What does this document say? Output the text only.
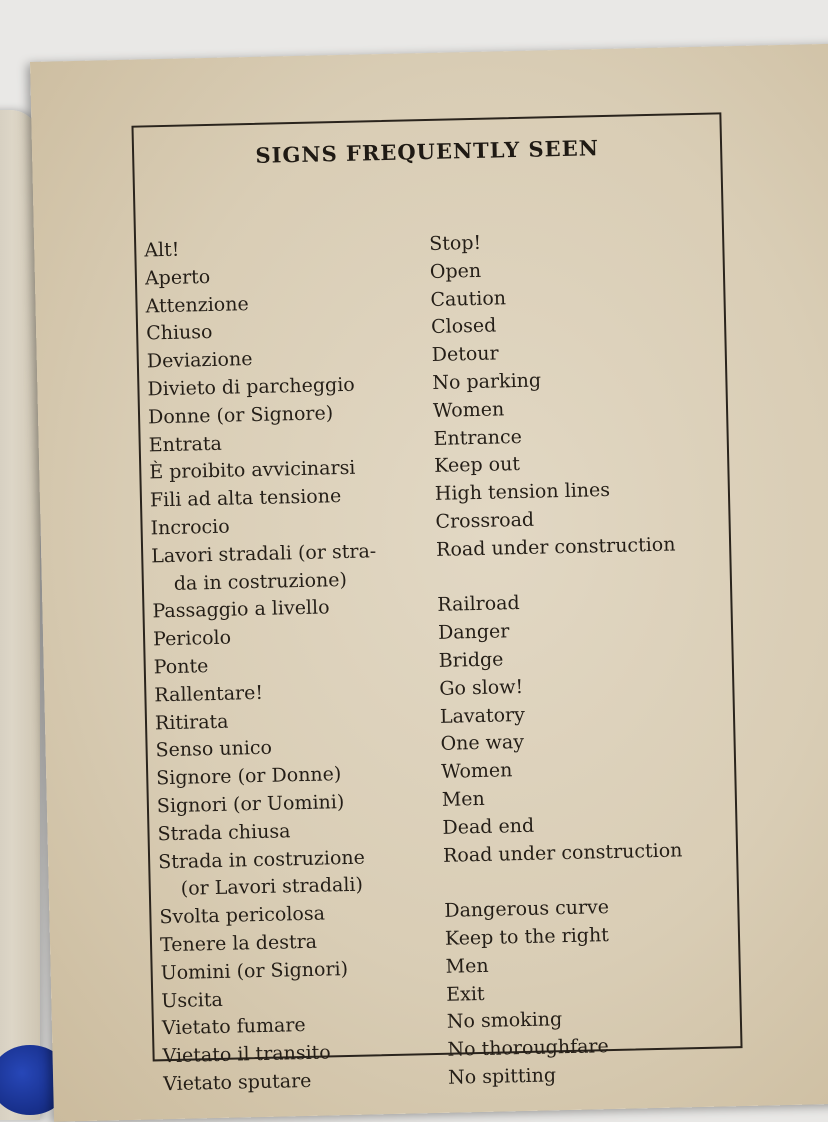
SIGNS FREQUENTLY SEEN
Alt!	Stop!
Aperto	Open
Attenzione	Caution
Chiuso	Closed
Deviazione	Detour
Divieto di parcheggio	No parking
Donne (or Signore)	Women
Entrata	Entrance
È proibito avvicinarsi	Keep out
Fili ad alta tensione	High tension lines
Incrocio	Crossroad
Lavori stradali (or stra-	Road under construction
da in costruzione)
Passaggio a livello	Railroad
Pericolo	Danger
Ponte	Bridge
Rallentare!	Go slow!
Ritirata	Lavatory
Senso unico	One way
Signore (or Donne)	Women
Signori (or Uomini)	Men
Strada chiusa	Dead end
Strada in costruzione	Road under construction
(or Lavori stradali)
Svolta pericolosa	Dangerous curve
Tenere la destra	Keep to the right
Uomini (or Signori)	Men
Uscita	Exit
Vietato fumare	No smoking
Vietato il transito	No thoroughfare
Vietato sputare	No spitting
